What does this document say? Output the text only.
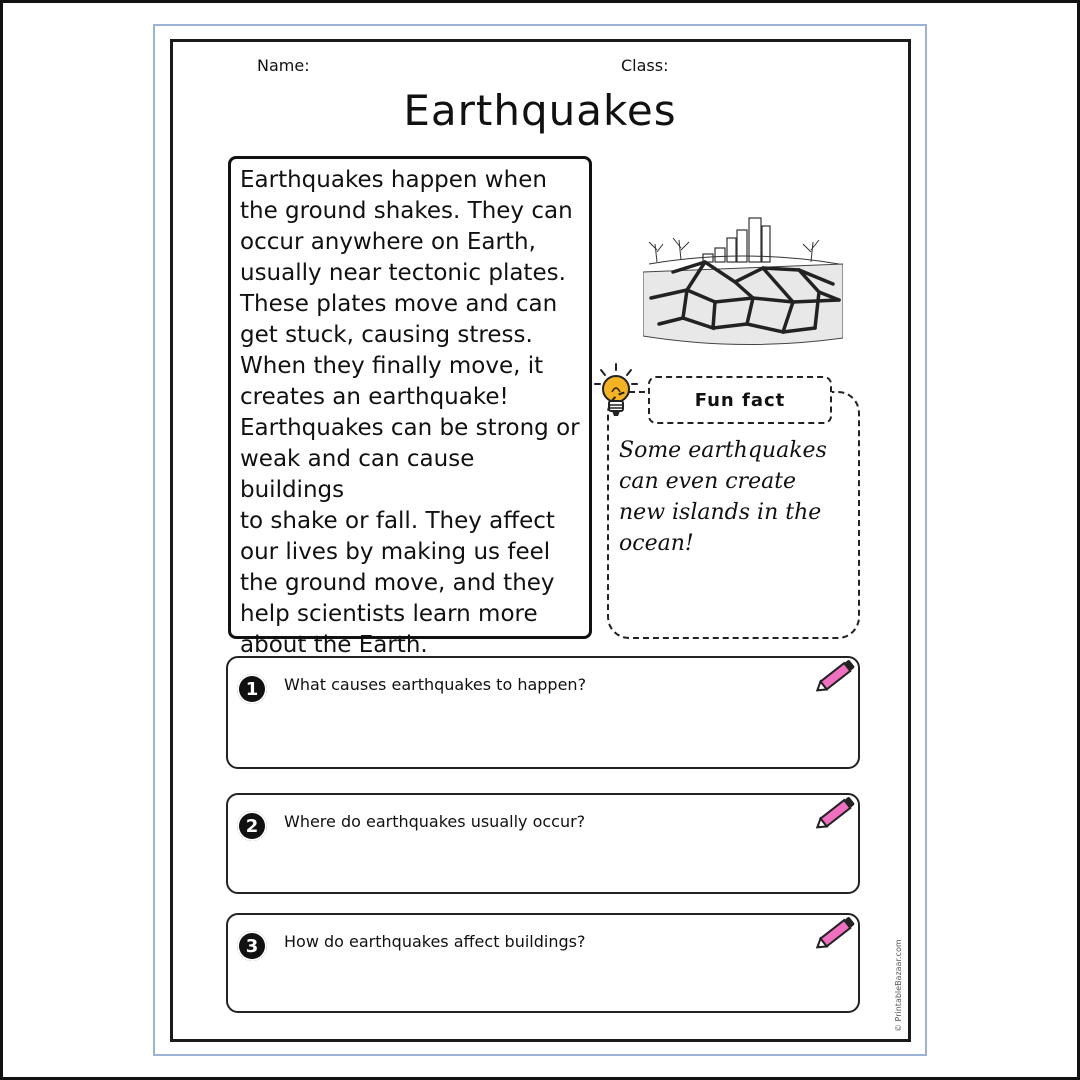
Name:	Class:
Earthquakes

Earthquakes happen when
the ground shakes. They can
occur anywhere on Earth,
usually near tectonic plates.
These plates move and can
get stuck, causing stress.
When they finally move, it
creates an earthquake!
Earthquakes can be strong or
weak and can cause buildings
to shake or fall. They affect
our lives by making us feel
the ground move, and they
help scientists learn more
about the Earth.

Fun fact

Some earthquakes
can even create
new islands in the
ocean!

1	What causes earthquakes to happen?
2	Where do earthquakes usually occur?
3	How do earthquakes affect buildings?	© PrintableBazaar.com
